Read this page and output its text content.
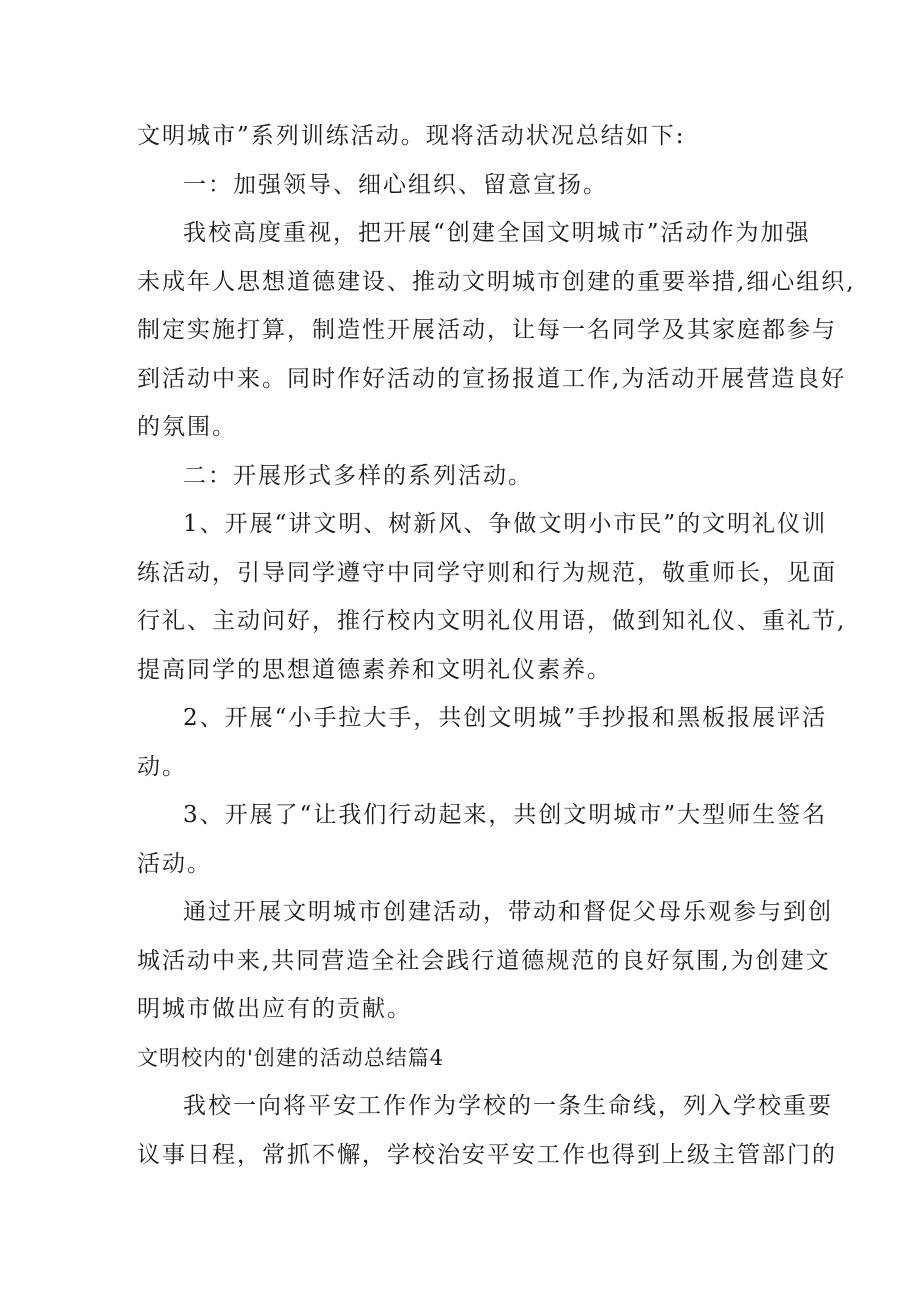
文明城市”系列训练活动。现将活动状况总结如下:
一：加强领导、细心组织、留意宣扬。
我校高度重视，把开展“创建全国文明城市”活动作为加强
未成年人思想道德建设、推动文明城市创建的重要举措,细心组织,
制定实施打算，制造性开展活动，让每一名同学及其家庭都参与
到活动中来。同时作好活动的宣扬报道工作,为活动开展营造良好
的氛围。
二：开展形式多样的系列活动。
1、开展“讲文明、树新风、争做文明小市民”的文明礼仪训
练活动，引导同学遵守中同学守则和行为规范，敬重师长，见面
行礼、主动问好，推行校内文明礼仪用语，做到知礼仪、重礼节,
提高同学的思想道德素养和文明礼仪素养。
2、开展“小手拉大手，共创文明城”手抄报和黑板报展评活
动。
3、开展了“让我们行动起来，共创文明城市”大型师生签名
活动。
通过开展文明城市创建活动，带动和督促父母乐观参与到创
城活动中来,共同营造全社会践行道德规范的良好氛围,为创建文
明城市做出应有的贡献。
文明校内的'创建的活动总结篇4
我校一向将平安工作作为学校的一条生命线，列入学校重要
议事日程，常抓不懈，学校治安平安工作也得到上级主管部门的
